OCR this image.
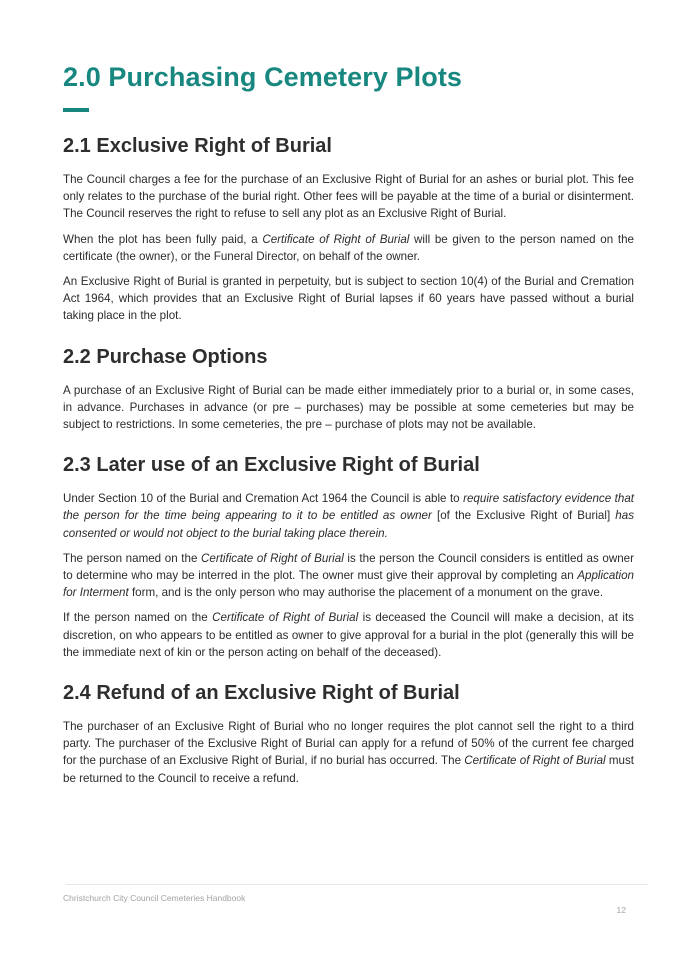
2.0 Purchasing Cemetery Plots
2.1 Exclusive Right of Burial

The Council charges a fee for the purchase of an Exclusive Right of Burial for an ashes or burial plot. This fee only relates to the purchase of the burial right. Other fees will be payable at the time of a burial or disinterment. The Council reserves the right to refuse to sell any plot as an Exclusive Right of Burial.

When the plot has been fully paid, a Certificate of Right of Burial will be given to the person named on the certificate (the owner), or the Funeral Director, on behalf of the owner.

An Exclusive Right of Burial is granted in perpetuity, but is subject to section 10(4) of the Burial and Cremation Act 1964, which provides that an Exclusive Right of Burial lapses if 60 years have passed without a burial taking place in the plot.

2.2 Purchase Options

A purchase of an Exclusive Right of Burial can be made either immediately prior to a burial or, in some cases, in advance. Purchases in advance (or pre – purchases) may be possible at some cemeteries but may be subject to restrictions. In some cemeteries, the pre – purchase of plots may not be available.

2.3 Later use of an Exclusive Right of Burial

Under Section 10 of the Burial and Cremation Act 1964 the Council is able to require satisfactory evidence that the person for the time being appearing to it to be entitled as owner [of the Exclusive Right of Burial] has consented or would not object to the burial taking place therein.

The person named on the Certificate of Right of Burial is the person the Council considers is entitled as owner to determine who may be interred in the plot. The owner must give their approval by completing an Application for Interment form, and is the only person who may authorise the placement of a monument on the grave.

If the person named on the Certificate of Right of Burial is deceased the Council will make a decision, at its discretion, on who appears to be entitled as owner to give approval for a burial in the plot (generally this will be the immediate next of kin or the person acting on behalf of the deceased).

2.4 Refund of an Exclusive Right of Burial

The purchaser of an Exclusive Right of Burial who no longer requires the plot cannot sell the right to a third party. The purchaser of the Exclusive Right of Burial can apply for a refund of 50% of the current fee charged for the purchase of an Exclusive Right of Burial, if no burial has occurred. The Certificate of Right of Burial must be returned to the Council to receive a refund.

Christchurch City Council Cemeteries Handbook
12
